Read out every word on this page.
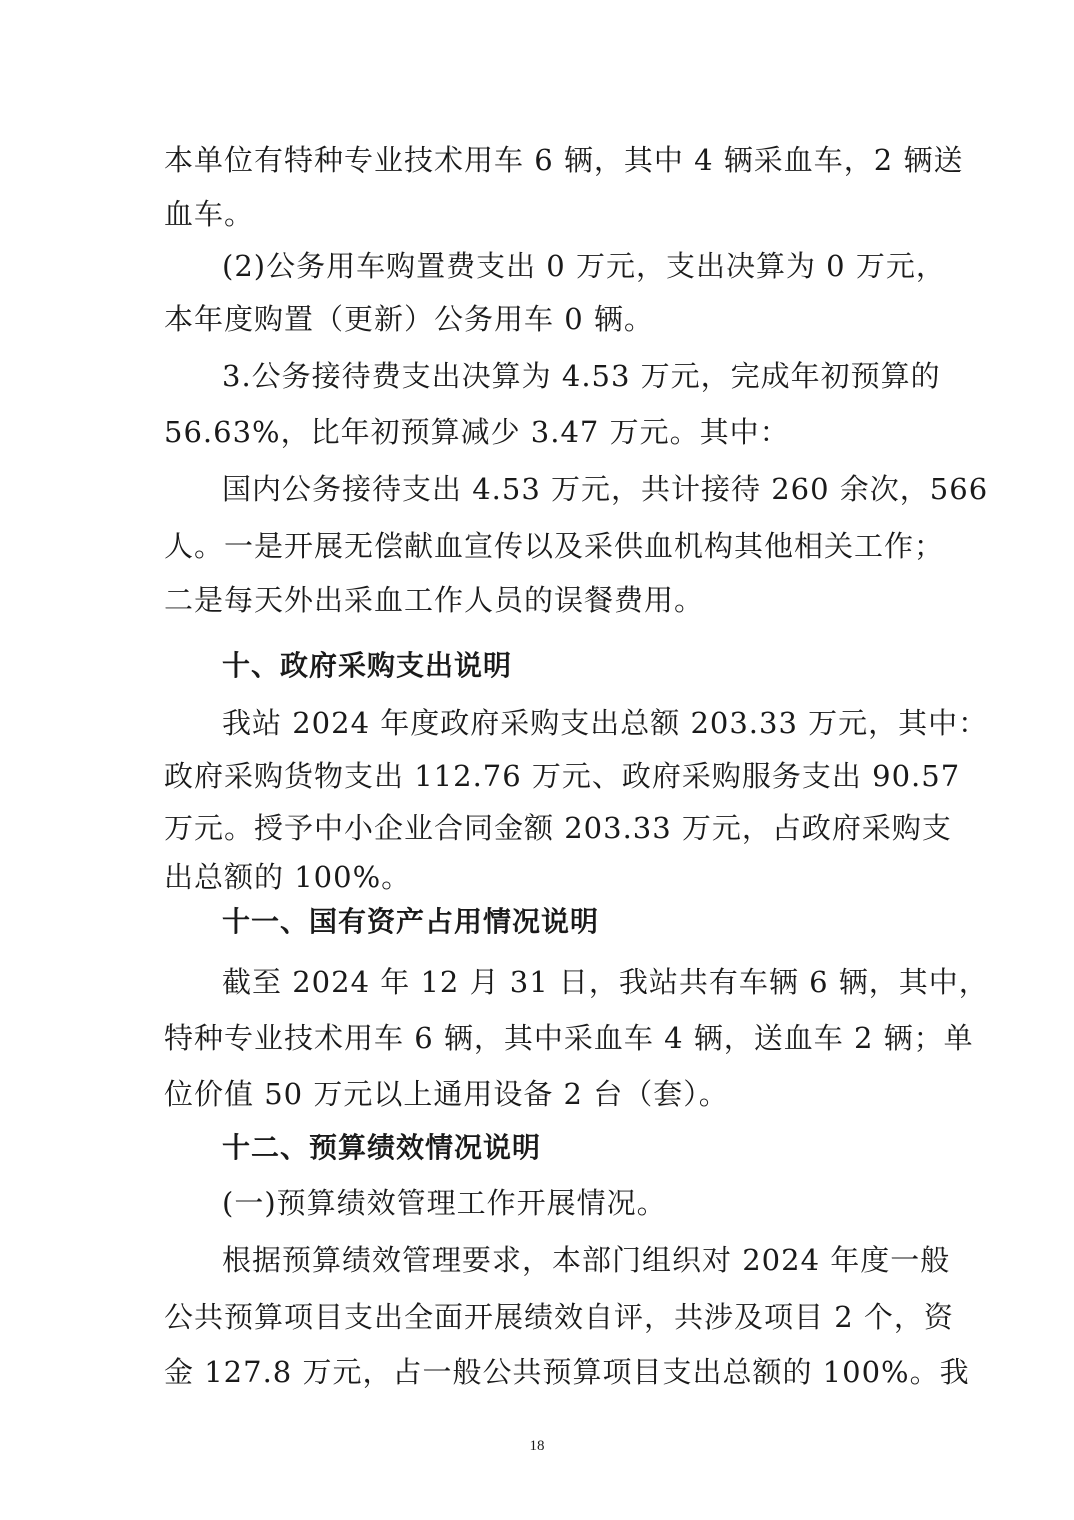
本单位有特种专业技术用车 6 辆，其中 4 辆采血车，2 辆送
血车。
(2)公务用车购置费支出 0 万元，支出决算为 0 万元，
本年度购置（更新）公务用车 0 辆。
3.公务接待费支出决算为 4.53 万元，完成年初预算的
56.63%，比年初预算减少 3.47 万元。其中：
国内公务接待支出 4.53 万元，共计接待 260 余次，566
人。一是开展无偿献血宣传以及采供血机构其他相关工作；
二是每天外出采血工作人员的误餐费用。
十、政府采购支出说明
我站 2024 年度政府采购支出总额 203.33 万元，其中：
政府采购货物支出 112.76 万元、政府采购服务支出 90.57
万元。授予中小企业合同金额 203.33 万元，占政府采购支
出总额的 100%。
十一、国有资产占用情况说明
截至 2024 年 12 月 31 日，我站共有车辆 6 辆，其中，
特种专业技术用车 6 辆，其中采血车 4 辆，送血车 2 辆；单
位价值 50 万元以上通用设备 2 台（套）。
十二、预算绩效情况说明
(一)预算绩效管理工作开展情况。
根据预算绩效管理要求，本部门组织对 2024 年度一般
公共预算项目支出全面开展绩效自评，共涉及项目 2 个，资
金 127.8 万元，占一般公共预算项目支出总额的 100%。我
18
